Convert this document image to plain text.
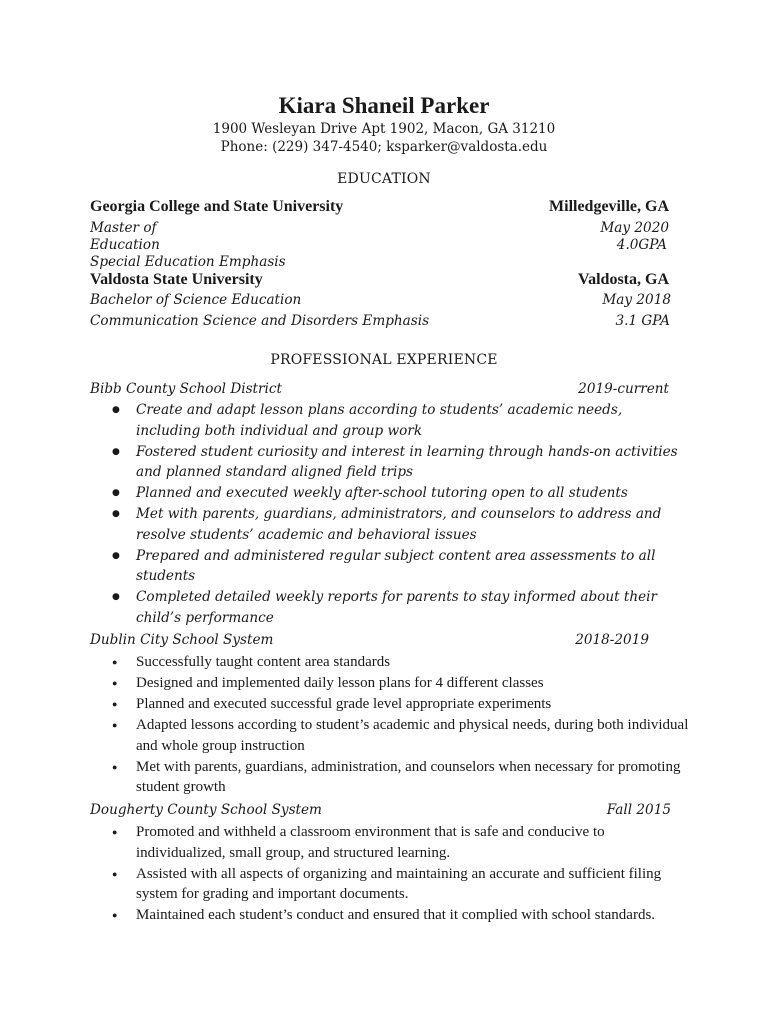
Kiara Shaneil Parker
1900 Wesleyan Drive Apt 1902, Macon, GA 31210
Phone: (229) 347-4540; ksparker@valdosta.edu
EDUCATION
Georgia College and State University	Milledgeville, GA
Master of	May 2020
Education	4.0GPA
Special Education Emphasis
Valdosta State University	Valdosta, GA
Bachelor of Science Education	May 2018
Communication Science and Disorders Emphasis	3.1 GPA
PROFESSIONAL EXPERIENCE
Bibb County School District	2019-current
● Create and adapt lesson plans according to students’ academic needs, including both individual and group work
● Fostered student curiosity and interest in learning through hands-on activities and planned standard aligned field trips
● Planned and executed weekly after-school tutoring open to all students
● Met with parents, guardians, administrators, and counselors to address and resolve students’ academic and behavioral issues
● Prepared and administered regular subject content area assessments to all students
● Completed detailed weekly reports for parents to stay informed about their child’s performance
Dublin City School System	2018-2019
● Successfully taught content area standards
● Designed and implemented daily lesson plans for 4 different classes
● Planned and executed successful grade level appropriate experiments
● Adapted lessons according to student’s academic and physical needs, during both individual and whole group instruction
● Met with parents, guardians, administration, and counselors when necessary for promoting student growth
Dougherty County School System	Fall 2015
● Promoted and withheld a classroom environment that is safe and conducive to individualized, small group, and structured learning.
● Assisted with all aspects of organizing and maintaining an accurate and sufficient filing system for grading and important documents.
● Maintained each student’s conduct and ensured that it complied with school standards.
